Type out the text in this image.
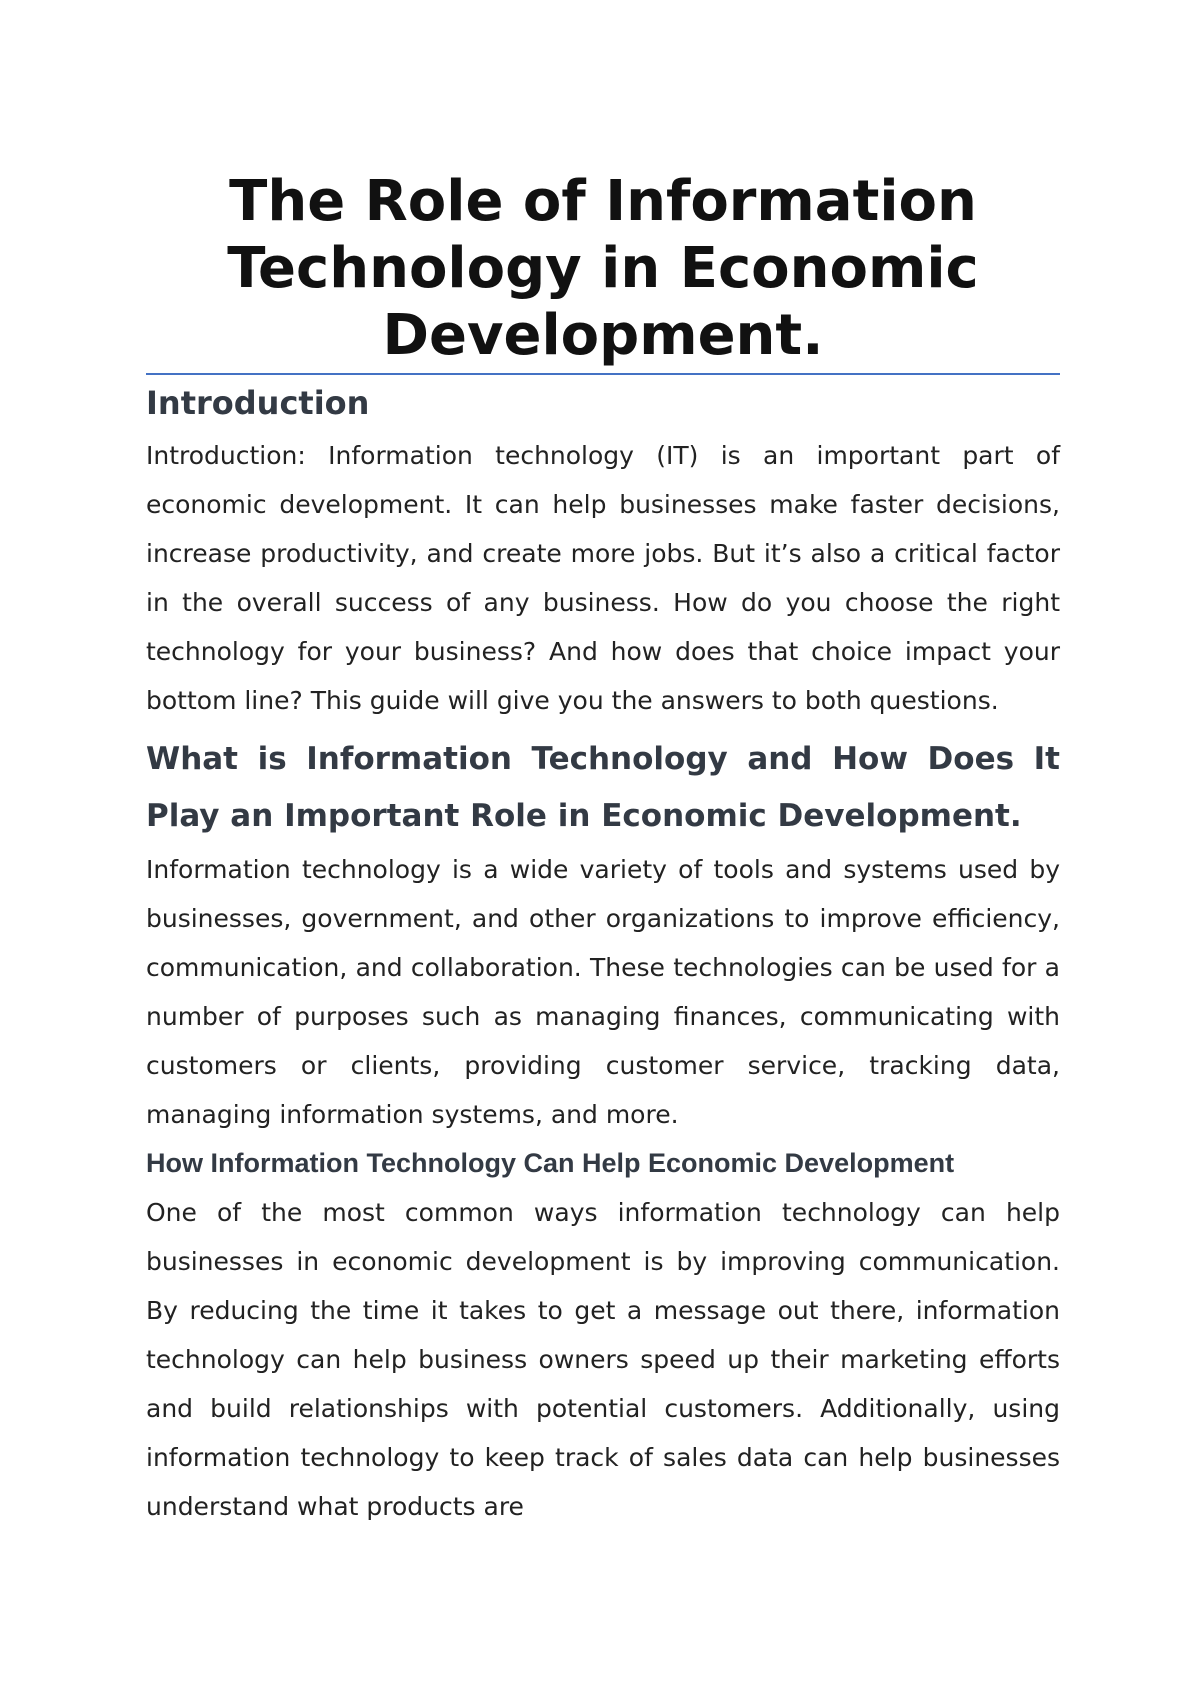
The Role of Information Technology in Economic Development.
Introduction

Introduction: Information technology (IT) is an important part of economic development. It can help businesses make faster decisions, increase productivity, and create more jobs. But it’s also a critical factor in the overall success of any business. How do you choose the right technology for your business? And how does that choice impact your bottom line? This guide will give you the answers to both questions.

What is Information Technology and How Does It Play an Important Role in Economic Development.

Information technology is a wide variety of tools and systems used by businesses, government, and other organizations to improve efficiency, communication, and collaboration. These technologies can be used for a number of purposes such as managing finances, communicating with customers or clients, providing customer service, tracking data, managing information systems, and more.

How Information Technology Can Help Economic Development

One of the most common ways information technology can help businesses in economic development is by improving communication. By reducing the time it takes to get a message out there, information technology can help business owners speed up their marketing efforts and build relationships with potential customers. Additionally, using information technology to keep track of sales data can help businesses understand what products are
